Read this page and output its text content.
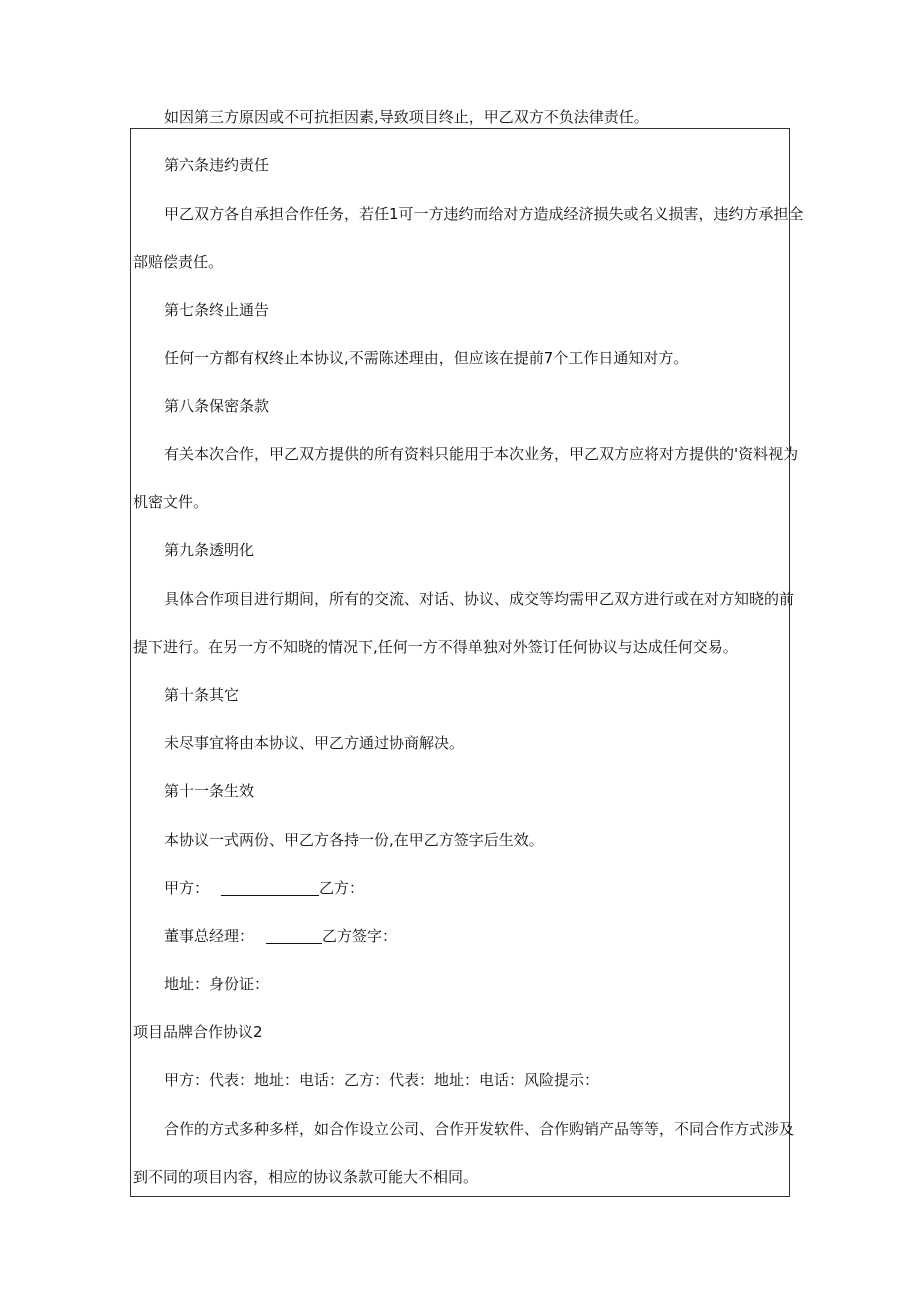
如因第三方原因或不可抗拒因素,导致项目终止，甲乙双方不负法律责任。
第六条违约责任
甲乙双方各自承担合作任务，若任1可一方违约而给对方造成经济损失或名义损害，违约方承担全
部赔偿责任。
第七条终止通告
任何一方都有权终止本协议,不需陈述理由，但应该在提前7个工作日通知对方。
第八条保密条款
有关本次合作，甲乙双方提供的所有资料只能用于本次业务，甲乙双方应将对方提供的'资料视为
机密文件。
第九条透明化
具体合作项目进行期间，所有的交流、对话、协议、成交等均需甲乙双方进行或在对方知晓的前
提下进行。在另一方不知晓的情况下,任何一方不得单独对外签订任何协议与达成任何交易。
第十条其它
未尽事宜将由本协议、甲乙方通过协商解决。
第十一条生效
本协议一式两份、甲乙方各持一份,在甲乙方签字后生效。
甲方：	乙方：
董事总经理：	乙方签字：
地址：身份证：
项目品牌合作协议2
甲方：代表：地址：电话：乙方：代表：地址：电话：风险提示：
合作的方式多种多样，如合作设立公司、合作开发软件、合作购销产品等等，不同合作方式涉及
到不同的项目内容，相应的协议条款可能大不相同。
